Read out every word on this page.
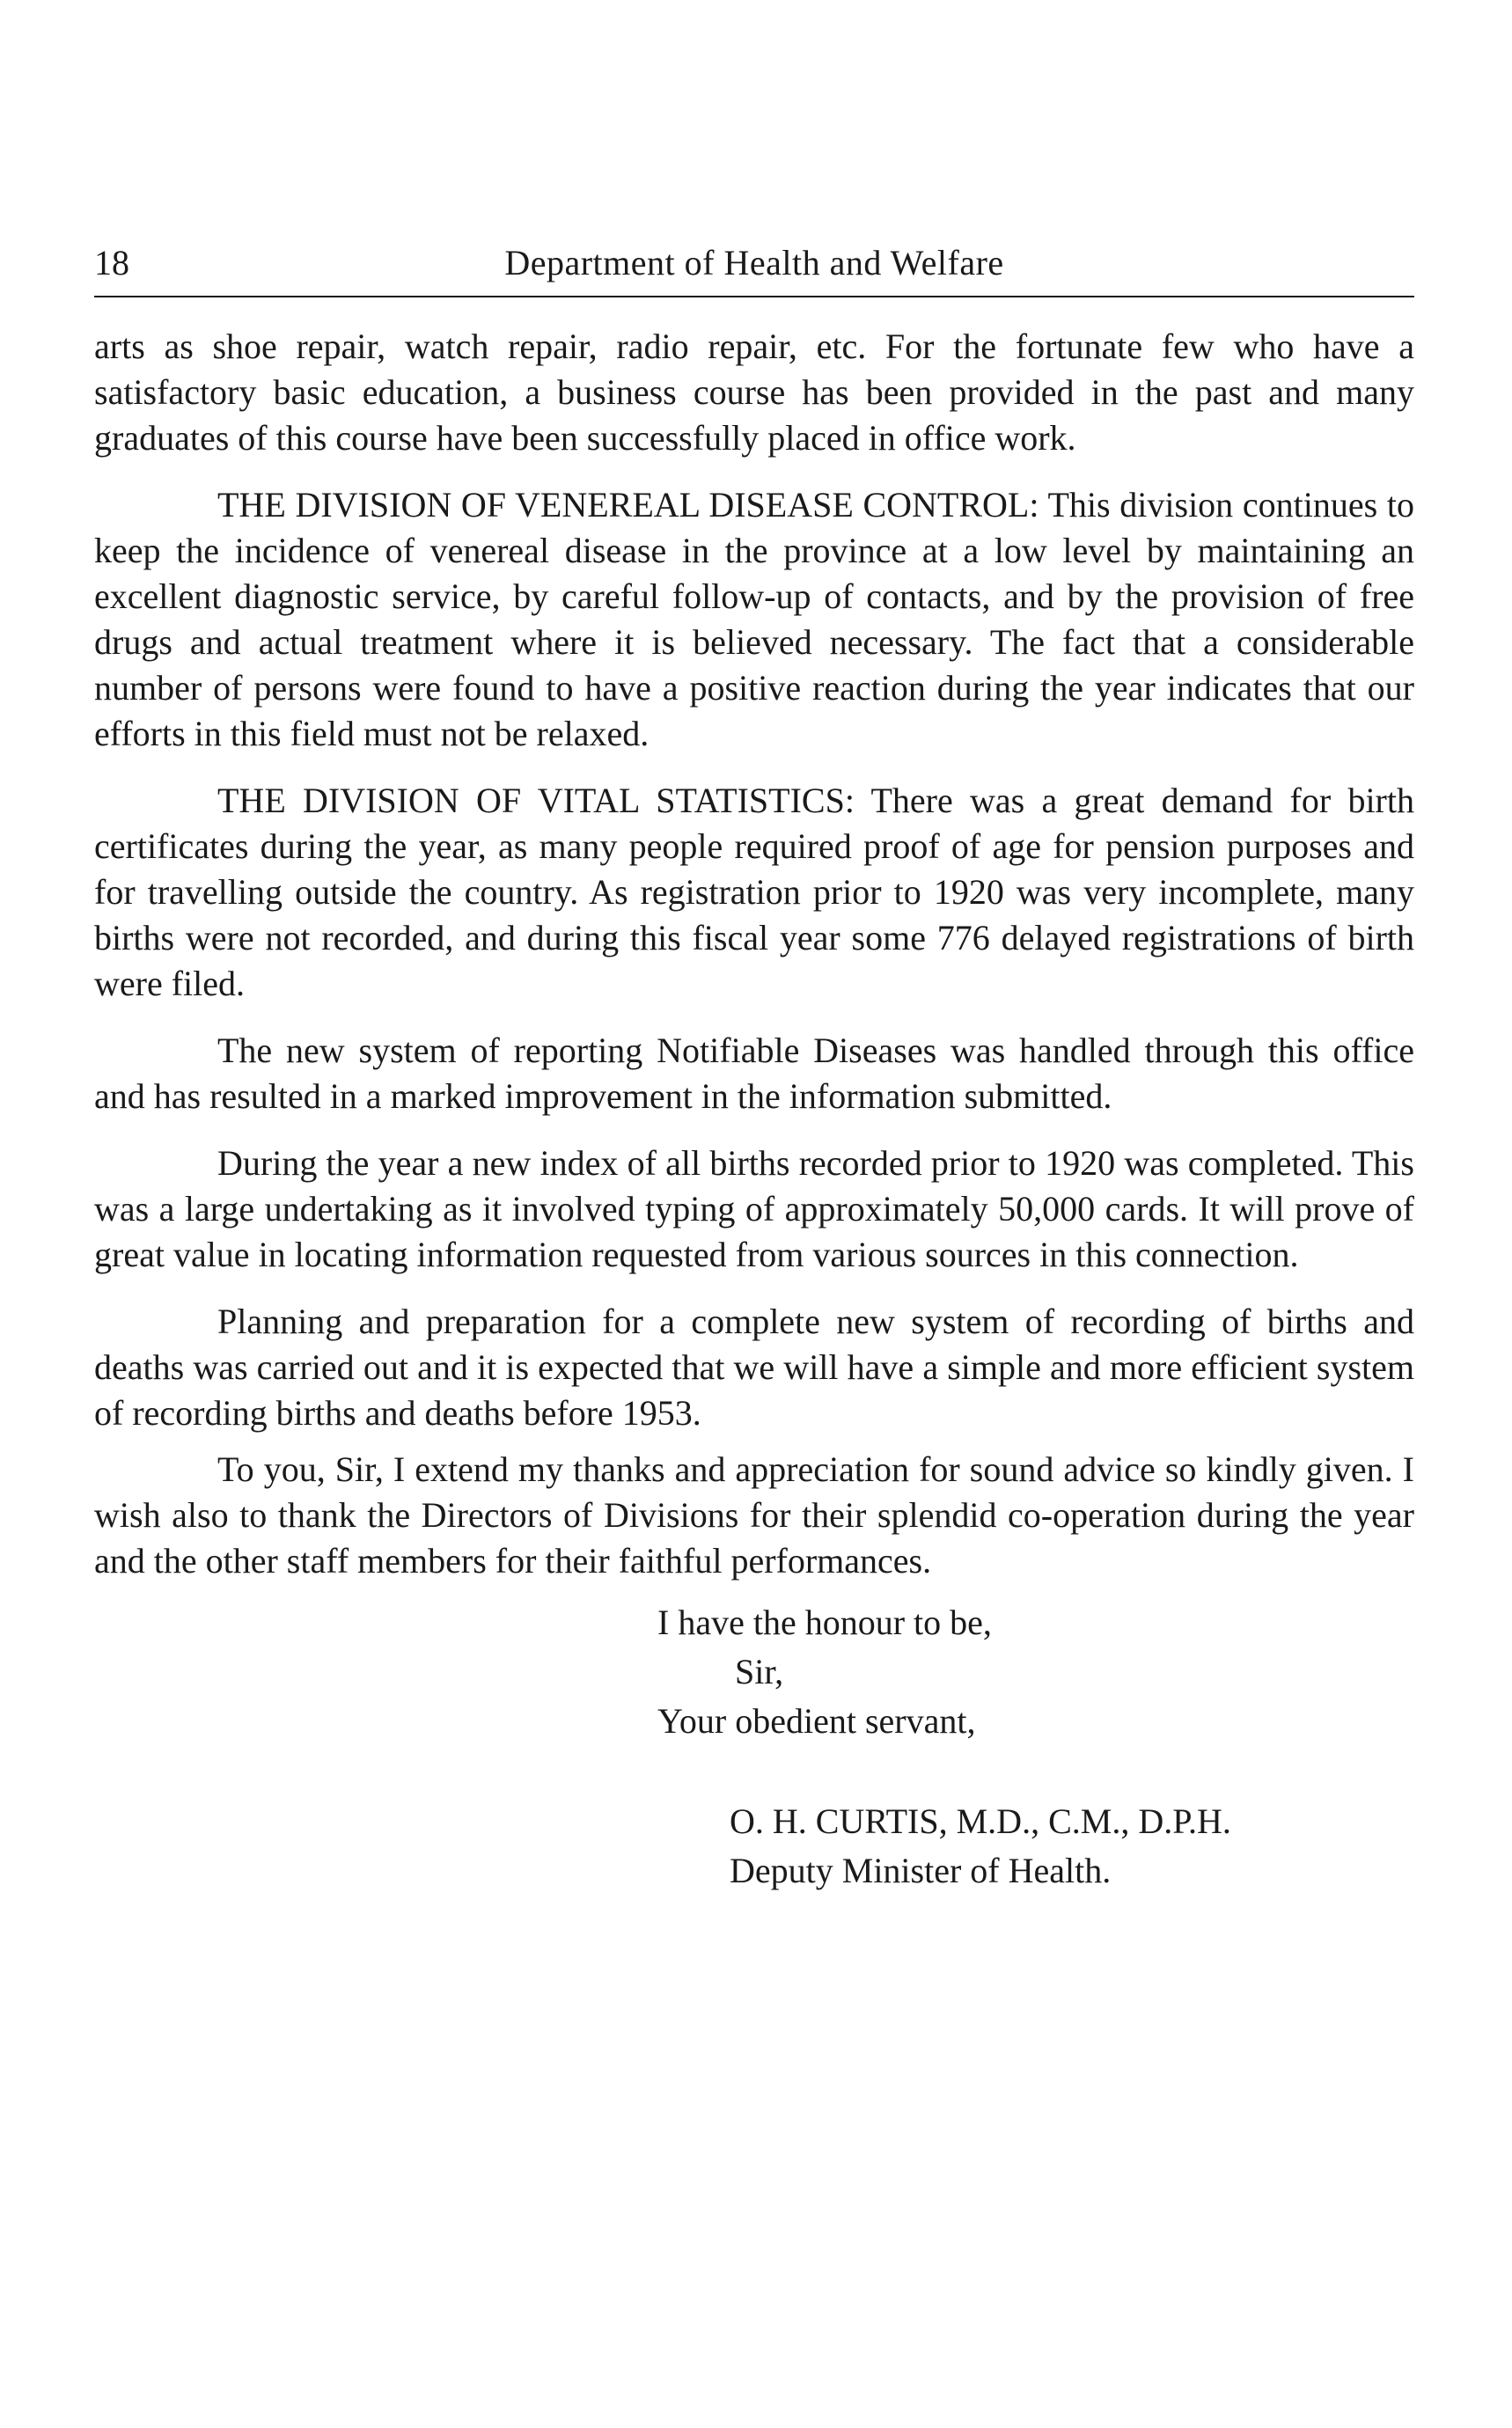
18	Department of Health and Welfare

arts as shoe repair, watch repair, radio repair, etc. For the fortunate few who have a satisfactory basic education, a business course has been provided in the past and many graduates of this course have been successfully placed in office work.

THE DIVISION OF VENEREAL DISEASE CONTROL: This division continues to keep the incidence of venereal disease in the province at a low level by maintaining an excellent diagnostic service, by careful follow-up of contacts, and by the provision of free drugs and actual treatment where it is believed necessary. The fact that a considerable number of persons were found to have a positive reaction during the year indicates that our efforts in this field must not be relaxed.

THE DIVISION OF VITAL STATISTICS: There was a great demand for birth certificates during the year, as many people required proof of age for pension purposes and for travelling outside the country. As registration prior to 1920 was very incomplete, many births were not recorded, and during this fiscal year some 776 delayed registrations of birth were filed.

The new system of reporting Notifiable Diseases was handled through this office and has resulted in a marked improvement in the information submitted.

During the year a new index of all births recorded prior to 1920 was completed. This was a large undertaking as it involved typing of approximately 50,000 cards. It will prove of great value in locating information requested from various sources in this connection.

Planning and preparation for a complete new system of recording of births and deaths was carried out and it is expected that we will have a simple and more efficient system of recording births and deaths before 1953.

To you, Sir, I extend my thanks and appreciation for sound advice so kindly given. I wish also to thank the Directors of Divisions for their splendid co-operation during the year and the other staff members for their faithful performances.

I have the honour to be,
Sir,
Your obedient servant,
O. H. CURTIS, M.D., C.M., D.P.H.
Deputy Minister of Health.
